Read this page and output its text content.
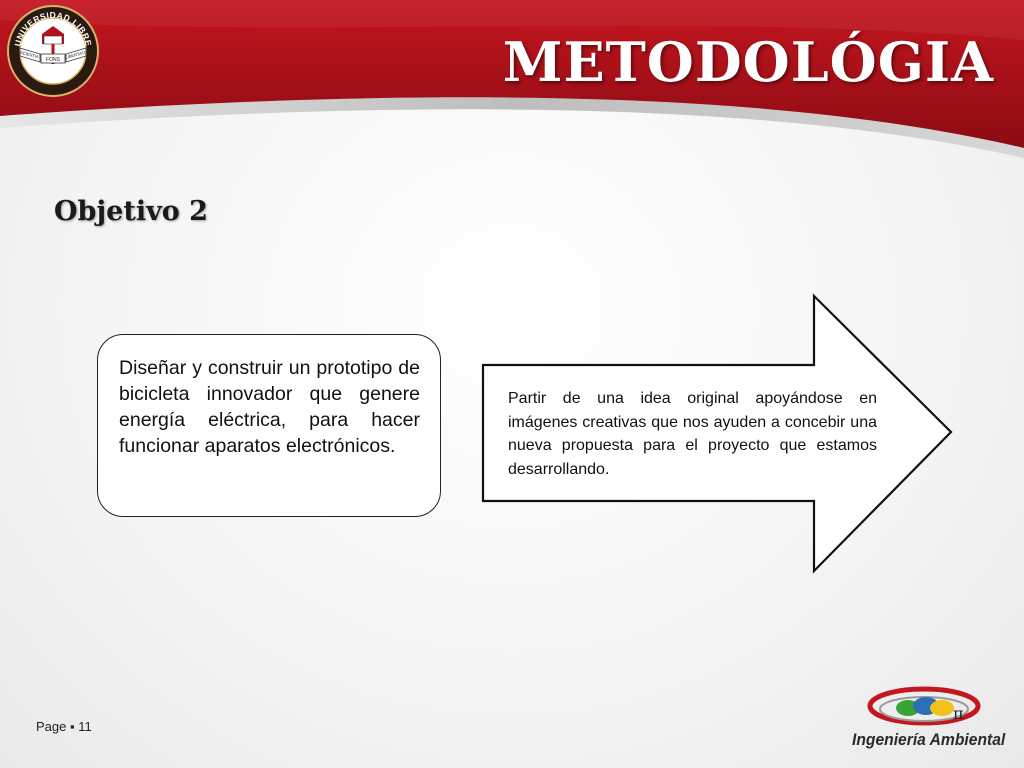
METODOLÓGIA
UNIVERSIDAD LIBRE
COLOMBIA
SCIENTIA
FONS
LIBERTATIS
Objetivo 2

Diseñar y construir un prototipo de bicicleta innovador que genere energía eléctrica, para hacer funcionar aparatos electrónicos.

Partir de una idea original apoyándose en imágenes creativas que nos ayuden a concebir una nueva propuesta para el proyecto que estamos desarrollando.

Page ▪ 11
π

Ingeniería Ambiental
